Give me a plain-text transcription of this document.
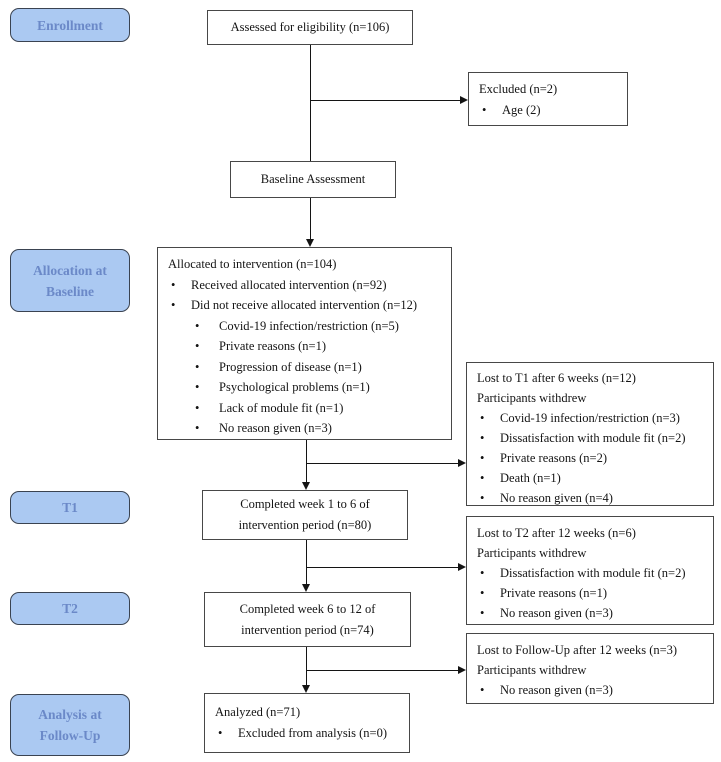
Enrollment
Allocation at Baseline
T1
T2
Analysis at Follow-Up
Assessed for eligibility (n=106)
Excluded (n=2)
•
Age (2)
Baseline Assessment
Allocated to intervention (n=104)
•
Received allocated intervention (n=92)
•
Did not receive allocated intervention (n=12)
•
Covid-19 infection/restriction (n=5)
•
Private reasons (n=1)
•
Progression of disease (n=1)
•
Psychological problems (n=1)
•
Lack of module fit (n=1)
•
No reason given (n=3)
Lost to T1 after 6 weeks (n=12)
Participants withdrew
•
Covid-19 infection/restriction (n=3)
•
Dissatisfaction with module fit (n=2)
•
Private reasons (n=2)
•
Death (n=1)
•
No reason given (n=4)
Completed week 1 to 6 of
intervention period (n=80)
Lost to T2 after 12 weeks (n=6)
Participants withdrew
•
Dissatisfaction with module fit (n=2)
•
Private reasons (n=1)
•
No reason given (n=3)
Completed week 6 to 12 of
intervention period (n=74)
Lost to Follow-Up after 12 weeks (n=3)
Participants withdrew
•
No reason given (n=3)
Analyzed (n=71)
•
Excluded from analysis (n=0)
